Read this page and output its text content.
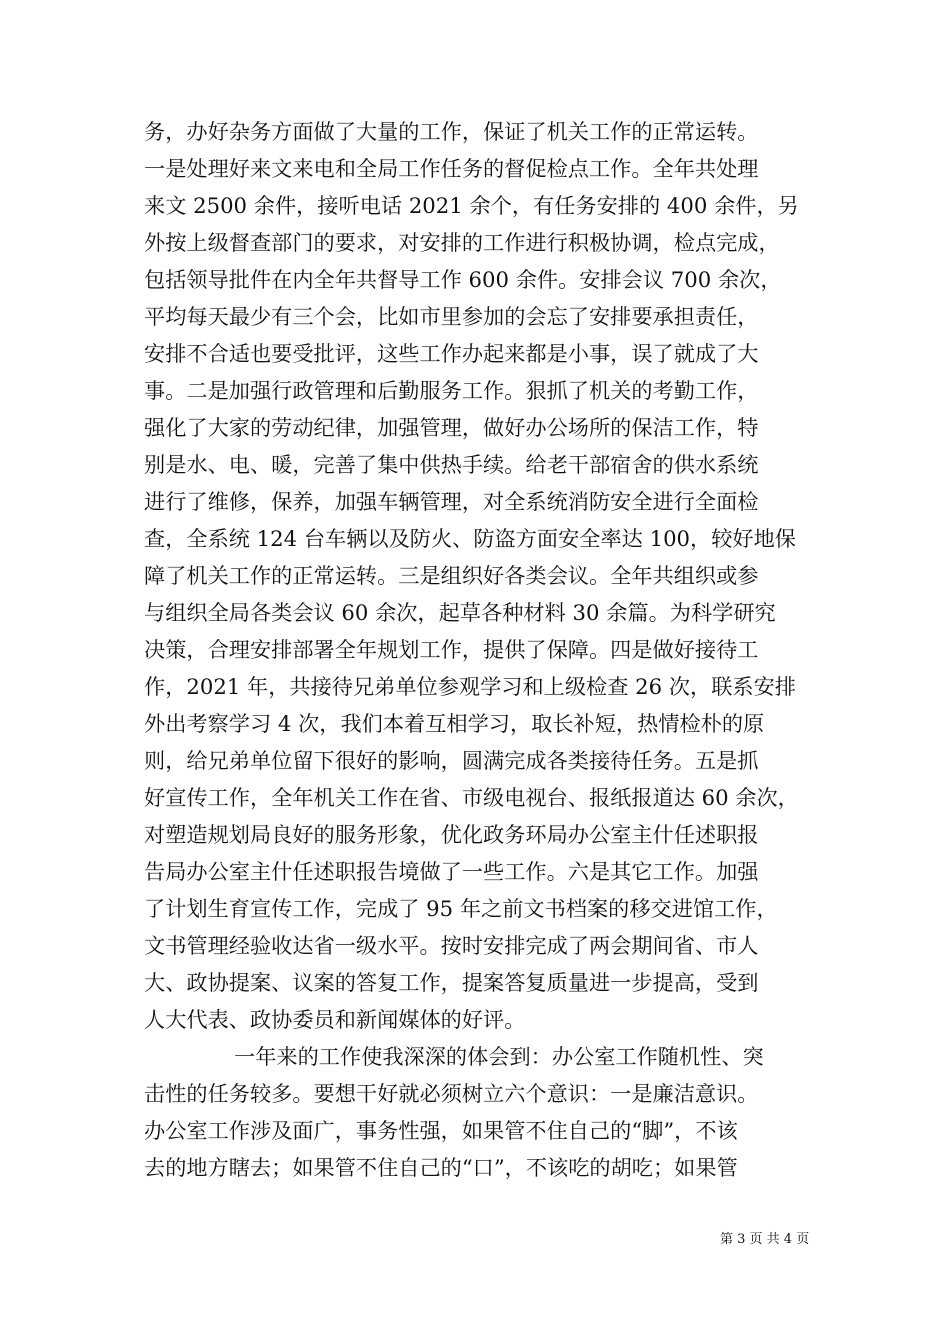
务，办好杂务方面做了大量的工作，保证了机关工作的正常运转。
一是处理好来文来电和全局工作任务的督促检点工作。全年共处理
来文 2500 余件，接听电话 2021 余个，有任务安排的 400 余件，另
外按上级督查部门的要求，对安排的工作进行积极协调，检点完成，
包括领导批件在内全年共督导工作 600 余件。安排会议 700 余次，
平均每天最少有三个会，比如市里参加的会忘了安排要承担责任，
安排不合适也要受批评，这些工作办起来都是小事，误了就成了大
事。二是加强行政管理和后勤服务工作。狠抓了机关的考勤工作，
强化了大家的劳动纪律，加强管理，做好办公场所的保洁工作，特
别是水、电、暖，完善了集中供热手续。给老干部宿舍的供水系统
进行了维修，保养，加强车辆管理，对全系统消防安全进行全面检
查，全系统 124 台车辆以及防火、防盗方面安全率达 100，较好地保
障了机关工作的正常运转。三是组织好各类会议。全年共组织或参
与组织全局各类会议 60 余次，起草各种材料 30 余篇。为科学研究
决策，合理安排部署全年规划工作，提供了保障。四是做好接待工
作，2021 年，共接待兄弟单位参观学习和上级检查 26 次，联系安排
外出考察学习 4 次，我们本着互相学习，取长补短，热情检朴的原
则，给兄弟单位留下很好的影响，圆满完成各类接待任务。五是抓
好宣传工作，全年机关工作在省、市级电视台、报纸报道达 60 余次，
对塑造规划局良好的服务形象，优化政务环局办公室主什任述职报
告局办公室主什任述职报告境做了一些工作。六是其它工作。加强
了计划生育宣传工作，完成了 95 年之前文书档案的移交进馆工作，
文书管理经验收达省一级水平。按时安排完成了两会期间省、市人
大、政协提案、议案的答复工作，提案答复质量进一步提高，受到
人大代表、政协委员和新闻媒体的好评。
一年来的工作使我深深的体会到：办公室工作随机性、突
击性的任务较多。要想干好就必须树立六个意识：一是廉洁意识。
办公室工作涉及面广，事务性强，如果管不住自己的“脚”，不该
去的地方瞎去；如果管不住自己的“口”，不该吃的胡吃；如果管
第 3 页 共 4 页
